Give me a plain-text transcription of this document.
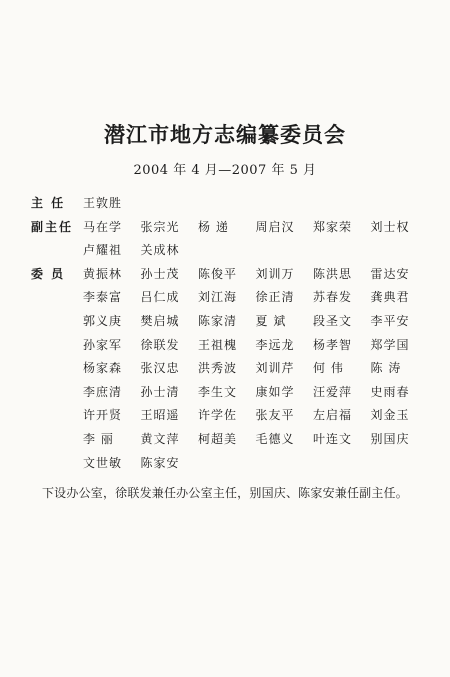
潜江市地方志编纂委员会
2004 年 4 月—2007 年 5 月
主 任	王敦胜
副主任 马在学 张宗光 杨 递 周启汉 郑家荣 刘士权
卢耀祖 关成林
委 员	黄振林 孙士茂 陈俊平 刘训万 陈洪思 雷达安
李泰富 吕仁成 刘江海 徐正清 苏春发 龚典君
郭义庚 樊启城 陈家清 夏 斌 段圣文 李平安
孙家军 徐联发 王祖槐 李远龙 杨孝智 郑学国
杨家森 张汉忠 洪秀波 刘训芹 何 伟 陈 涛
李庶清 孙士清 李生文 康如学 汪爱萍 史雨春
许开贤 王昭遥 许学佐 张友平 左启福 刘金玉
李 丽 黄文萍 柯超美 毛德义 叶连文 别国庆
文世敏 陈家安
下设办公室，徐联发兼任办公室主任，别国庆、陈家安兼任副主任。
